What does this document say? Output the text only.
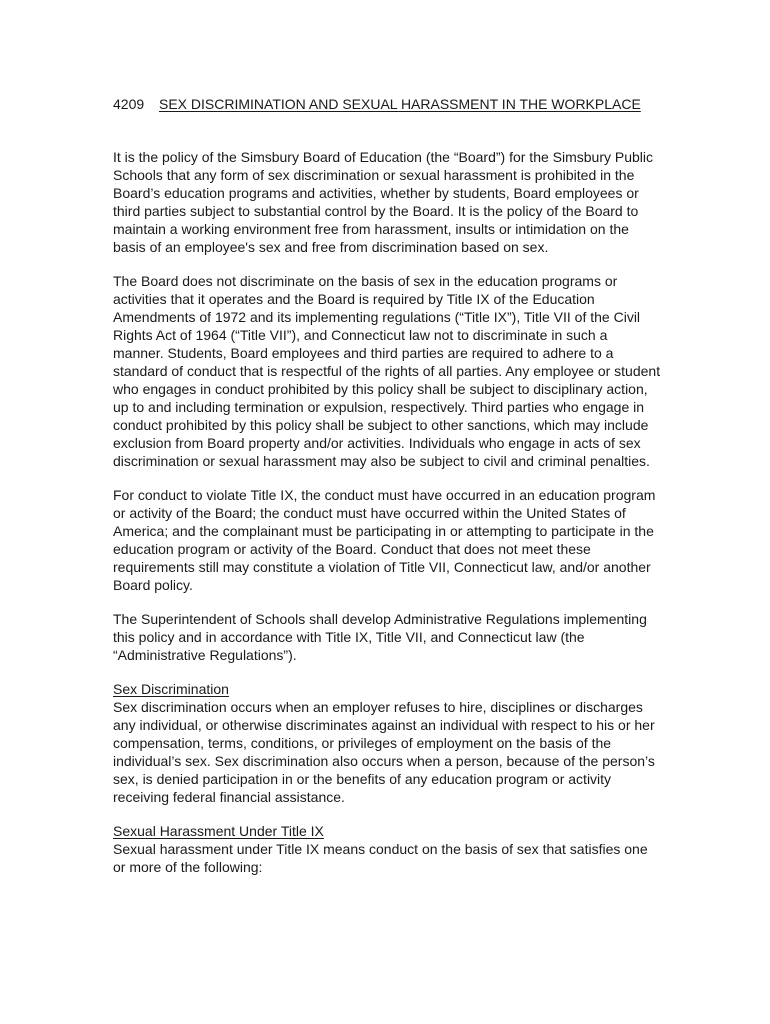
4209 SEX DISCRIMINATION AND SEXUAL HARASSMENT IN THE WORKPLACE

It is the policy of the Simsbury Board of Education (the “Board”) for the Simsbury Public Schools that any form of sex discrimination or sexual harassment is prohibited in the Board’s education programs and activities, whether by students, Board employees or third parties subject to substantial control by the Board. It is the policy of the Board to maintain a working environment free from harassment, insults or intimidation on the basis of an employee's sex and free from discrimination based on sex.

The Board does not discriminate on the basis of sex in the education programs or activities that it operates and the Board is required by Title IX of the Education Amendments of 1972 and its implementing regulations (“Title IX”), Title VII of the Civil Rights Act of 1964 (“Title VII”), and Connecticut law not to discriminate in such a manner. Students, Board employees and third parties are required to adhere to a standard of conduct that is respectful of the rights of all parties. Any employee or student who engages in conduct prohibited by this policy shall be subject to disciplinary action, up to and including termination or expulsion, respectively. Third parties who engage in conduct prohibited by this policy shall be subject to other sanctions, which may include exclusion from Board property and/or activities. Individuals who engage in acts of sex discrimination or sexual harassment may also be subject to civil and criminal penalties.

For conduct to violate Title IX, the conduct must have occurred in an education program or activity of the Board; the conduct must have occurred within the United States of America; and the complainant must be participating in or attempting to participate in the education program or activity of the Board. Conduct that does not meet these requirements still may constitute a violation of Title VII, Connecticut law, and/or another Board policy.

The Superintendent of Schools shall develop Administrative Regulations implementing this policy and in accordance with Title IX, Title VII, and Connecticut law (the “Administrative Regulations”).

Sex Discrimination
Sex discrimination occurs when an employer refuses to hire, disciplines or discharges any individual, or otherwise discriminates against an individual with respect to his or her compensation, terms, conditions, or privileges of employment on the basis of the individual’s sex. Sex discrimination also occurs when a person, because of the person’s sex, is denied participation in or the benefits of any education program or activity receiving federal financial assistance.

Sexual Harassment Under Title IX
Sexual harassment under Title IX means conduct on the basis of sex that satisfies one or more of the following:
